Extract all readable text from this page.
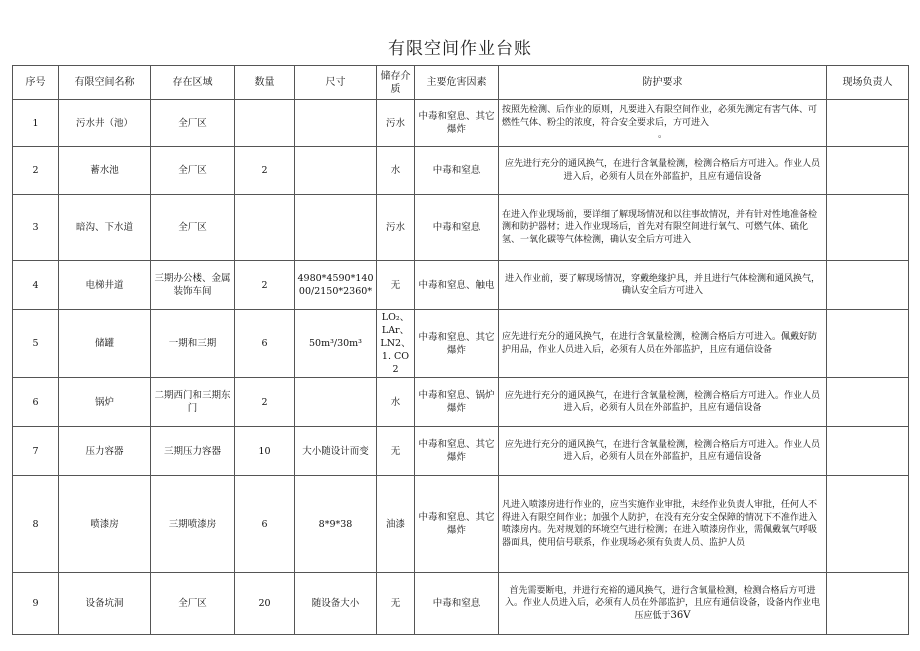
有限空间作业台账
序号	有限空间名称	存在区域	数量	尺寸	储存介质	主要危害因素	防护要求	现场负责人
1	污水井（池）	全厂区			污水	中毒和窒息、其它爆炸	按照先检测、后作业的原则，凡要进入有限空间作业，必须先测定有害气体、可燃性气体、粉尘的浓度，符合安全要求后，方可进入
。	

2	蓄水池	全厂区	2		水	中毒和窒息	应先进行充分的通风换气，在进行含氧量检测，检测合格后方可进入。作业人员进入后，必须有人员在外部监护，且应有通信设备	
3	暗沟、下水道	全厂区			污水	中毒和窒息	在进入作业现场前，要详细了解现场情况和以往事故情况，并有针对性地准备检测和防护器材；进入作业现场后，首先对有限空间进行氧气、可燃气体、硫化氢、一氧化碳等气体检测，确认安全后方可进入	
4	电梯井道	三期办公楼、金属装饰车间	2	4980*4590*14000/2150*2360*	无	中毒和窒息、触电	进入作业前，要了解现场情况，穿戴绝缘护具，并且进行气体检测和通风换气，确认安全后方可进入	
5	储罐	一期和三期	6	50m³/30m³	LO₂、LAr、LN2、1. CO2	中毒和窒息、其它爆炸	应先进行充分的通风换气，在进行含氧量检测，检测合格后方可进入。佩戴好防护用品，作业人员进入后，必须有人员在外部监护，且应有通信设备	
6	锅炉	二期西门和三期东门	2		水	中毒和窒息、锅炉爆炸	应先进行充分的通风换气，在进行含氧量检测，检测合格后方可进入。作业人员进入后，必须有人员在外部监护，且应有通信设备	
7	压力容器	三期压力容器	10	大小随设计而变	无	中毒和窒息、其它爆炸	应先进行充分的通风换气，在进行含氧量检测，检测合格后方可进入。作业人员进入后，必须有人员在外部监护，且应有通信设备	
8	喷漆房	三期喷漆房	6	8*9*38	油漆	中毒和窒息、其它爆炸	凡进入喷漆房进行作业的，应当实施作业审批，未经作业负责人审批，任何人不得进入有限空间作业；加强个人防护，在没有充分安全保障的情况下不准作进入喷漆房内。先对规划的环境空气进行检测；在进入喷漆房作业，需佩戴氧气呼吸器面具，使用信号联系，作业现场必须有负责人员、监护人员	
9	设备坑洞	全厂区	20	随设备大小	无	中毒和窒息	首先需要断电，并进行充裕的通风换气，进行含氧量检测，检测合格后方可进入。作业人员进入后，必须有人员在外部监护，且应有通信设备，设备内作业电压应低于36V	
